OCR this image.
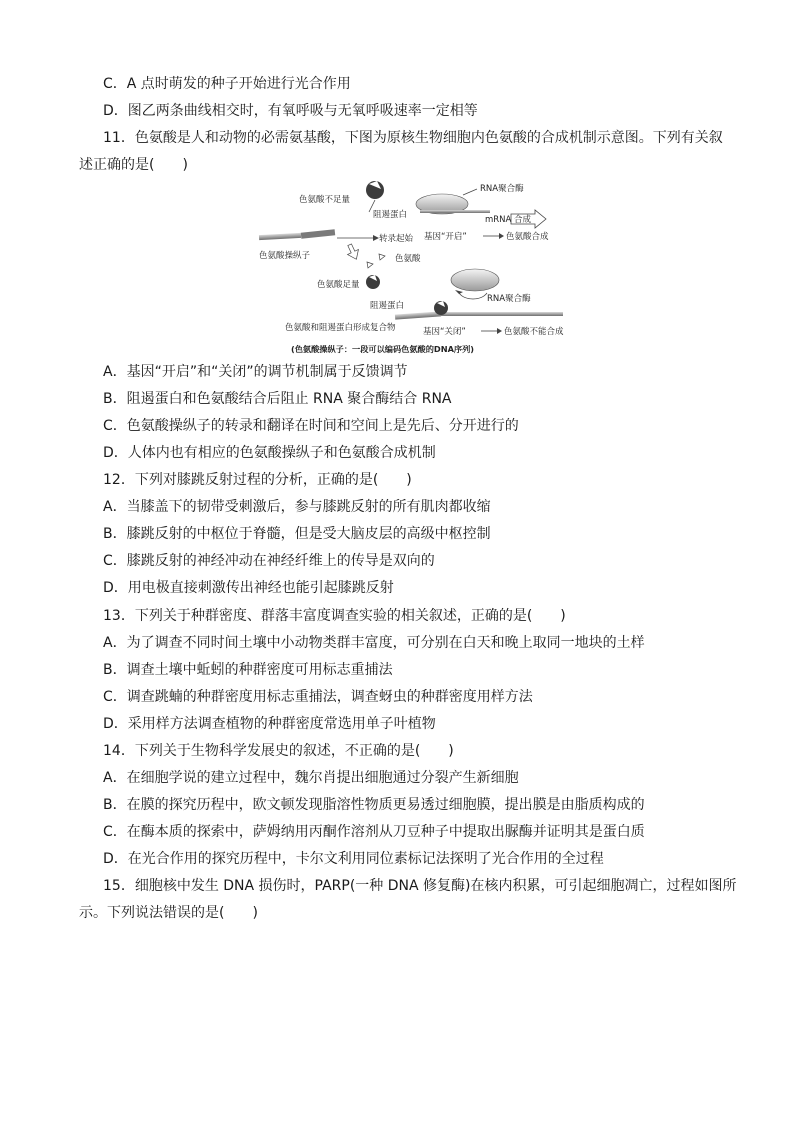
C．A 点时萌发的种子开始进行光合作用
D．图乙两条曲线相交时，有氧呼吸与无氧呼吸速率一定相等
11．色氨酸是人和动物的必需氨基酸，下图为原核生物细胞内色氨酸的合成机制示意图。下列有关叙
述正确的是(　　)
色氨酸不足量
阻遏蛋白
RNA聚合酶
mRNA 合成
转录起始 基因“开启”	色氨酸合成
色氨酸操纵子	色氨酸
色氨酸足量
RNA聚合酶
阻遏蛋白
色氨酸和阻遏蛋白形成复合物	基因“关闭”	色氨酸不能合成
(色氨酸操纵子：一段可以编码色氨酸的DNA序列)
A．基因“开启”和“关闭”的调节机制属于反馈调节
B．阻遏蛋白和色氨酸结合后阻止 RNA 聚合酶结合 RNA
C．色氨酸操纵子的转录和翻译在时间和空间上是先后、分开进行的
D．人体内也有相应的色氨酸操纵子和色氨酸合成机制
12．下列对膝跳反射过程的分析，正确的是(　　)
A．当膝盖下的韧带受刺激后，参与膝跳反射的所有肌肉都收缩
B．膝跳反射的中枢位于脊髓，但是受大脑皮层的高级中枢控制
C．膝跳反射的神经冲动在神经纤维上的传导是双向的
D．用电极直接刺激传出神经也能引起膝跳反射
13．下列关于种群密度、群落丰富度调查实验的相关叙述，正确的是(　　)
A．为了调查不同时间土壤中小动物类群丰富度，可分别在白天和晚上取同一地块的土样
B．调查土壤中蚯蚓的种群密度可用标志重捕法
C．调查跳蝻的种群密度用标志重捕法，调查蚜虫的种群密度用样方法
D．采用样方法调查植物的种群密度常选用单子叶植物
14．下列关于生物科学发展史的叙述，不正确的是(　　)
A．在细胞学说的建立过程中，魏尔肖提出细胞通过分裂产生新细胞
B．在膜的探究历程中，欧文顿发现脂溶性物质更易透过细胞膜，提出膜是由脂质构成的
C．在酶本质的探索中，萨姆纳用丙酮作溶剂从刀豆种子中提取出脲酶并证明其是蛋白质
D．在光合作用的探究历程中，卡尔文利用同位素标记法探明了光合作用的全过程
15．细胞核中发生 DNA 损伤时，PARP(一种 DNA 修复酶)在核内积累，可引起细胞凋亡，过程如图所
示。下列说法错误的是(　　)
